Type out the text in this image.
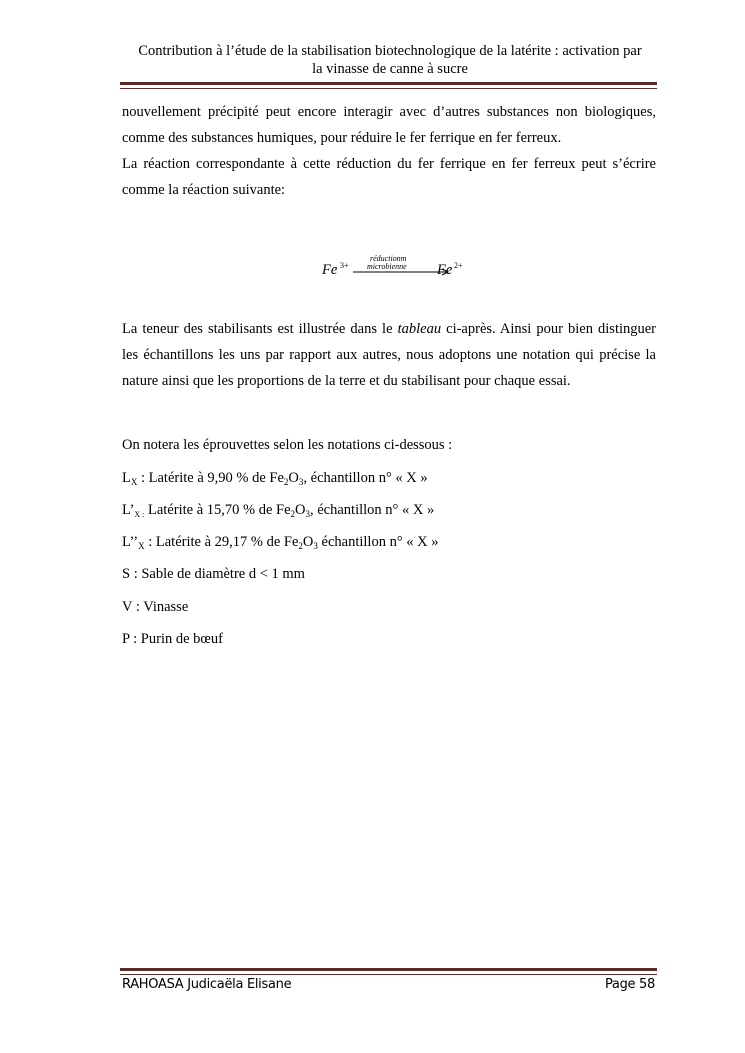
Contribution à l’étude de la stabilisation biotechnologique de la latérite : activation par
la vinasse de canne à sucre
nouvellement précipité peut encore interagir avec d’autres substances non biologiques, comme des substances humiques, pour réduire le fer ferrique en fer ferreux.
La réaction correspondante à cette réduction du fer ferrique en fer ferreux peut s’écrire comme la réaction suivante:
Fe 3+
réductionm
microbienne Fe 2+

La teneur des stabilisants est illustrée dans le tableau ci-après. Ainsi pour bien distinguer les échantillons les uns par rapport aux autres, nous adoptons une notation qui précise la nature ainsi que les proportions de la terre et du stabilisant pour chaque essai.

On notera les éprouvettes selon les notations ci-dessous :
$L_X$ : Latérite à 9,90 % de $Fe_2O_3$, échantillon n° « X »
$L’_{X :}$ Latérite à 15,70 % de $Fe_2O_3$, échantillon n° « X »
$L’’_X$ : Latérite à 29,17 % de $Fe_2O_3$ échantillon n° « X »
S : Sable de diamètre d < 1 mm
V : Vinasse
P : Purin de bœuf
RAHOASA Judicaëla Elisane	Page 58
